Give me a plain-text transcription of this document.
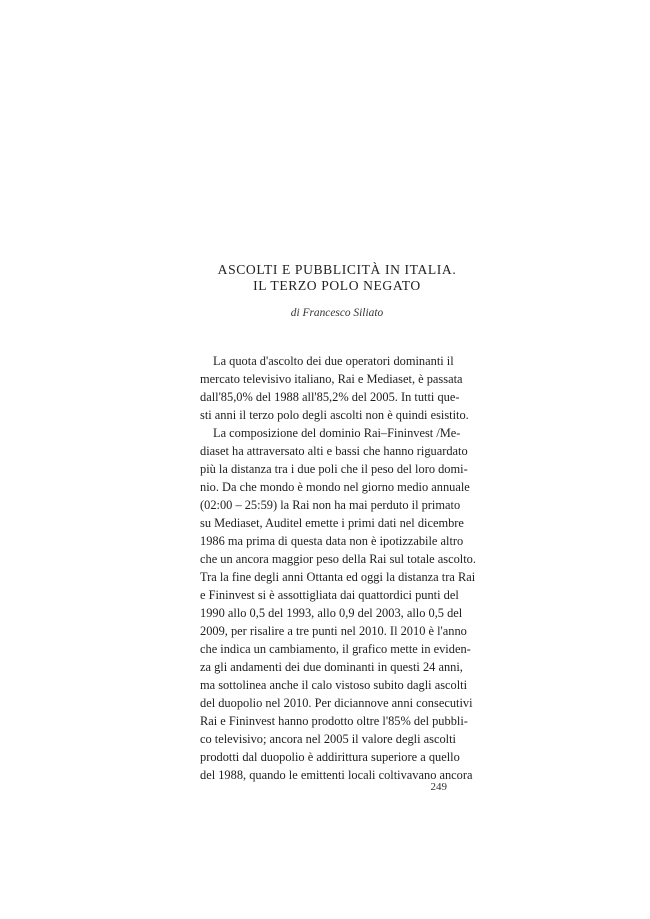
ASCOLTI E PUBBLICITÀ IN ITALIA.
IL TERZO POLO NEGATO
di Francesco Siliato
La quota d'ascolto dei due operatori dominanti il
mercato televisivo italiano, Rai e Mediaset, è passata
dall'85,0% del 1988 all'85,2% del 2005. In tutti que-
sti anni il terzo polo degli ascolti non è quindi esistito.
La composizione del dominio Rai–Fininvest /Me-
diaset ha attraversato alti e bassi che hanno riguardato
più la distanza tra i due poli che il peso del loro domi-
nio. Da che mondo è mondo nel giorno medio annuale
(02:00 – 25:59) la Rai non ha mai perduto il primato
su Mediaset, Auditel emette i primi dati nel dicembre
1986 ma prima di questa data non è ipotizzabile altro
che un ancora maggior peso della Rai sul totale ascolto.
Tra la fine degli anni Ottanta ed oggi la distanza tra Rai
e Fininvest si è assottigliata dai quattordici punti del
1990 allo 0,5 del 1993, allo 0,9 del 2003, allo 0,5 del
2009, per risalire a tre punti nel 2010. Il 2010 è l'anno
che indica un cambiamento, il grafico mette in eviden-
za gli andamenti dei due dominanti in questi 24 anni,
ma sottolinea anche il calo vistoso subito dagli ascolti
del duopolio nel 2010. Per diciannove anni consecutivi
Rai e Fininvest hanno prodotto oltre l'85% del pubbli-
co televisivo; ancora nel 2005 il valore degli ascolti
prodotti dal duopolio è addirittura superiore a quello
del 1988, quando le emittenti locali coltivavano ancora
249
